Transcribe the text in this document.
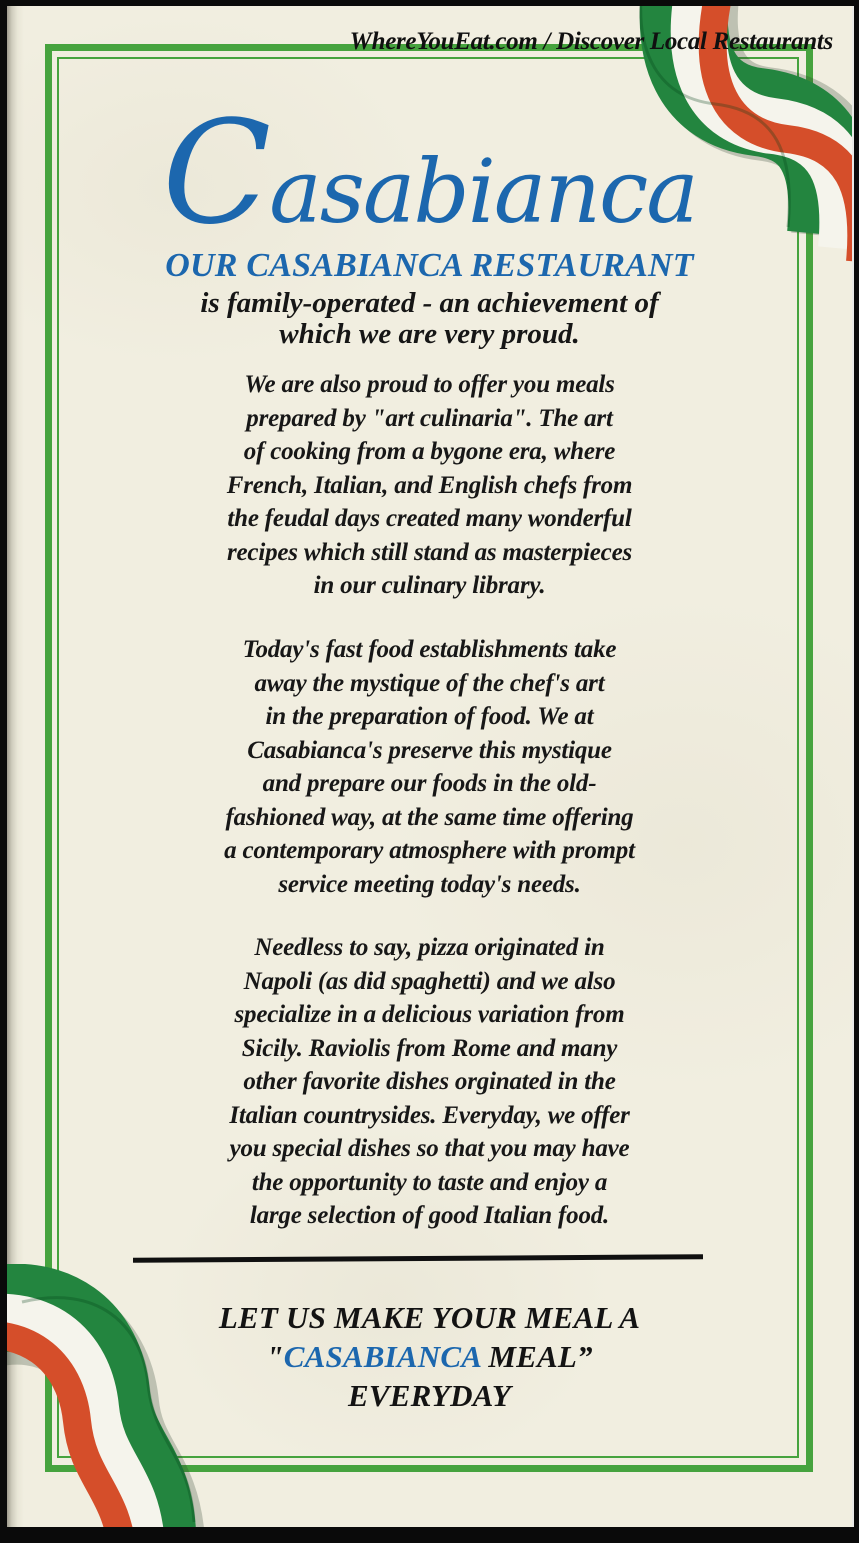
WhereYouEat.com / Discover Local Restaurants
Casabianca
OUR CASABIANCA RESTAURANT
is family-operated - an achievement of
which we are very proud.
We are also proud to offer you meals
prepared by "art culinaria". The art
of cooking from a bygone era, where
French, Italian, and English chefs from
the feudal days created many wonderful
recipes which still stand as masterpieces
in our culinary library.
Today's fast food establishments take
away the mystique of the chef's art
in the preparation of food. We at
Casabianca's preserve this mystique
and prepare our foods in the old-
fashioned way, at the same time offering
a contemporary atmosphere with prompt
service meeting today's needs.
Needless to say, pizza originated in
Napoli (as did spaghetti) and we also
specialize in a delicious variation from
Sicily. Raviolis from Rome and many
other favorite dishes orginated in the
Italian countrysides. Everyday, we offer
you special dishes so that you may have
the opportunity to taste and enjoy a
large selection of good Italian food.
LET US MAKE YOUR MEAL A
"CASABIANCA MEAL”
EVERYDAY
